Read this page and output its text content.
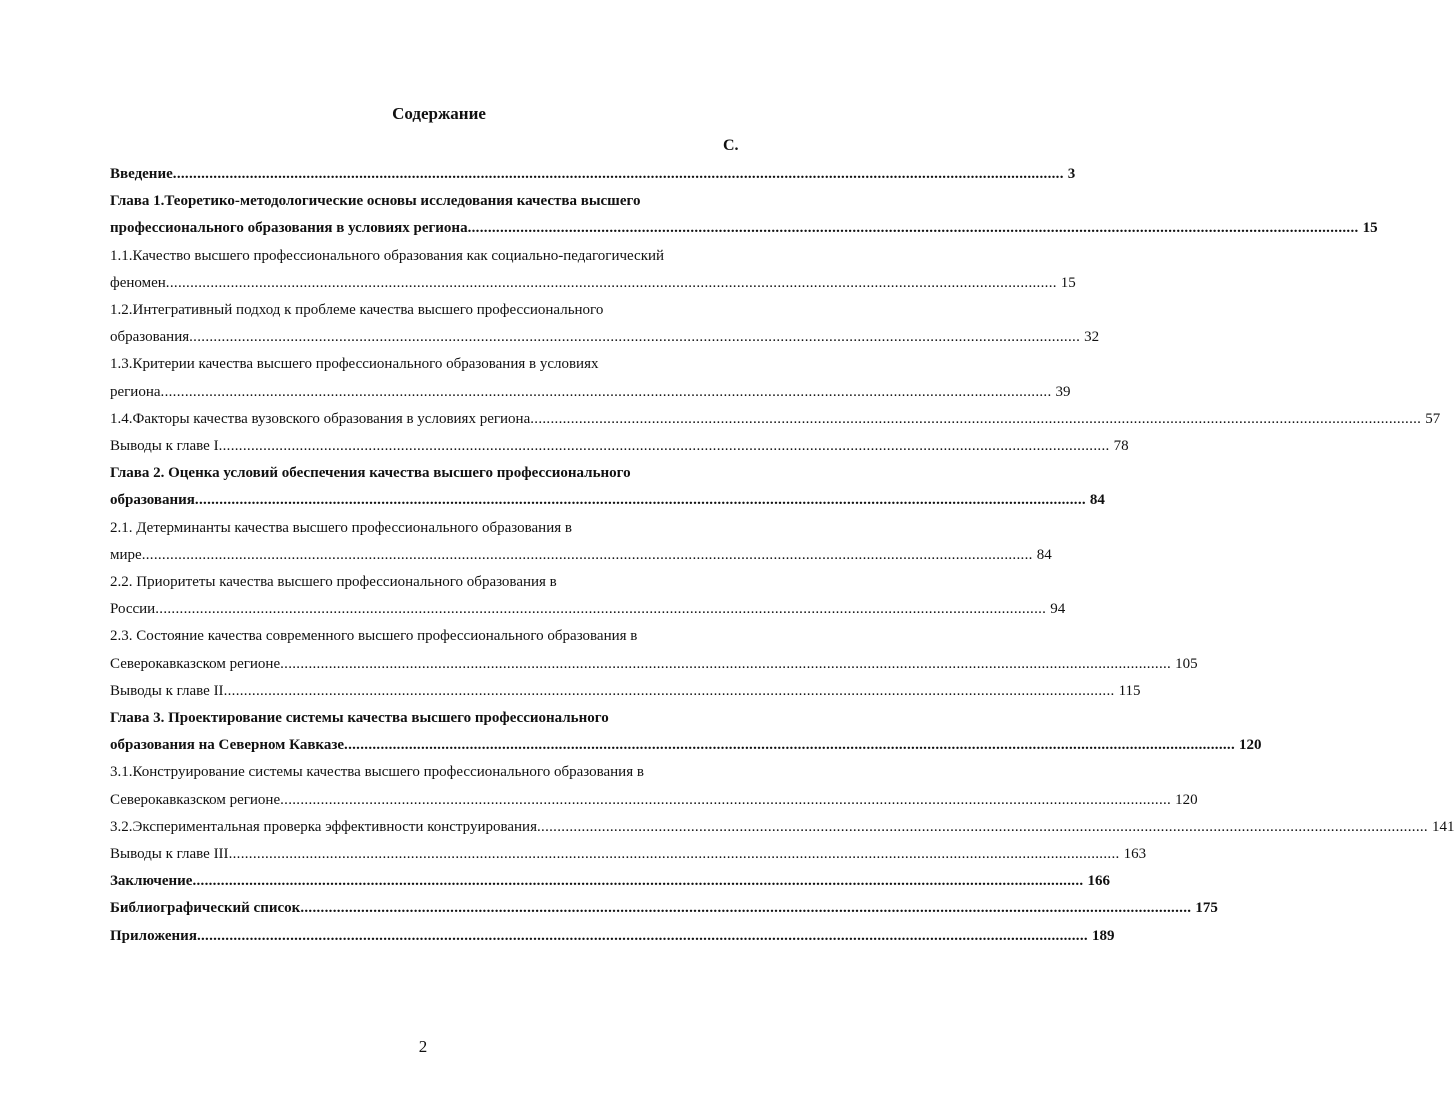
Содержание
С.
Введение ............................................................................................................................................................................................................................ 3
Глава 1.Теоретико-методологические основы исследования качества высшего
профессионального образования в условиях региона ............................................................................................................................................................................................................................ 15
1.1.Качество высшего профессионального образования как социально-педагогический
феномен ............................................................................................................................................................................................................................ 15
1.2.Интегративный подход к проблеме качества высшего профессионального
образования ............................................................................................................................................................................................................................ 32
1.3.Критерии качества высшего профессионального образования в условиях
региона ............................................................................................................................................................................................................................ 39
1.4.Факторы качества вузовского образования в условиях региона ............................................................................................................................................................................................................................ 57
Выводы к главе I ............................................................................................................................................................................................................................ 78
Глава 2. Оценка условий обеспечения качества высшего профессионального
образования ............................................................................................................................................................................................................................ 84
2.1. Детерминанты качества высшего профессионального образования в
мире ............................................................................................................................................................................................................................ 84
2.2. Приоритеты качества высшего профессионального образования в
России ............................................................................................................................................................................................................................ 94
2.3. Состояние качества современного высшего профессионального образования в
Северокавказском регионе ............................................................................................................................................................................................................................ 105
Выводы к главе II ............................................................................................................................................................................................................................ 115
Глава 3. Проектирование системы качества высшего профессионального
образования на Северном Кавказе ............................................................................................................................................................................................................................ 120
3.1.Конструирование системы качества высшего профессионального образования в
Северокавказском регионе ............................................................................................................................................................................................................................ 120
3.2.Экспериментальная проверка эффективности конструирования ............................................................................................................................................................................................................................ 141
Выводы к главе III ............................................................................................................................................................................................................................ 163
Заключение ............................................................................................................................................................................................................................ 166
Библиографический список ............................................................................................................................................................................................................................ 175
Приложения ............................................................................................................................................................................................................................ 189
2
